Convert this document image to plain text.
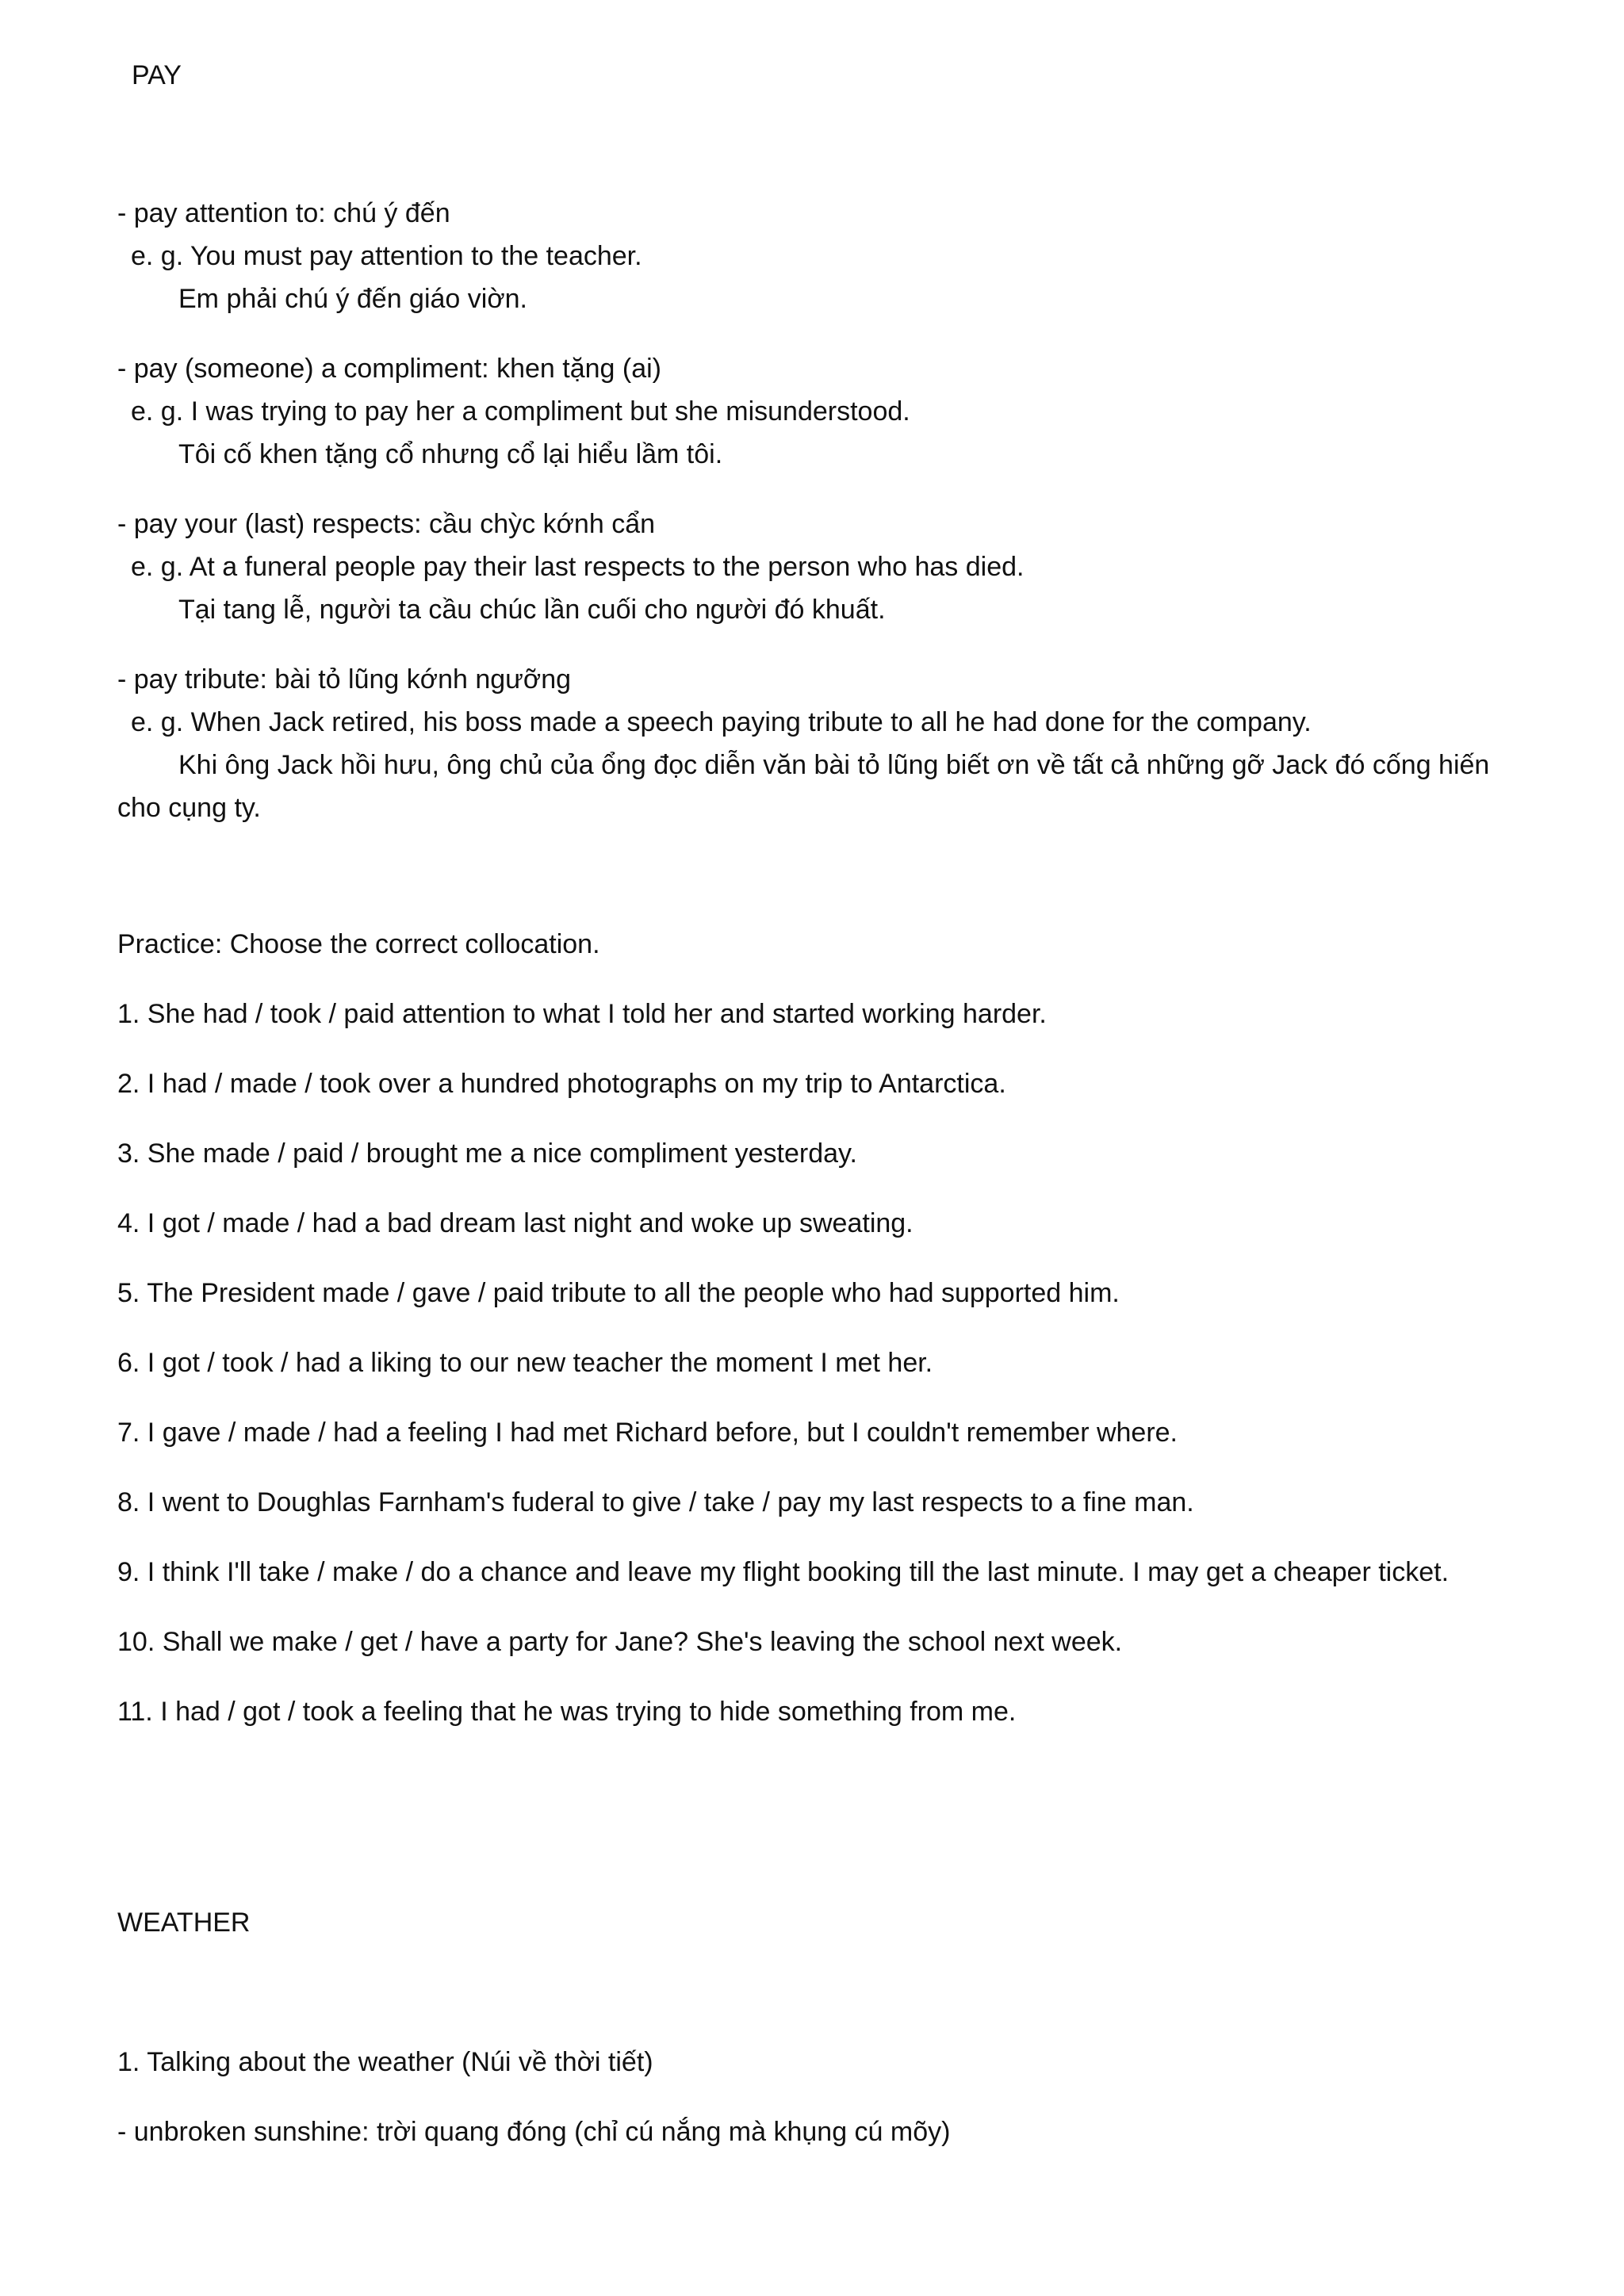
PAY

- pay attention to: chú ý đến

e. g. You must pay attention to the teacher.

Em phải chú ý đến giáo viờn.

- pay (someone) a compliment: khen tặng (ai)

e. g. I was trying to pay her a compliment but she misunderstood.

Tôi cố khen tặng cổ nhưng cổ lại hiểu lầm tôi.

- pay your (last) respects: cầu chỳc kớnh cẩn

e. g. At a funeral people pay their last respects to the person who has died.

Tại tang lễ, người ta cầu chúc lần cuối cho người đó khuất.

- pay tribute: bài tỏ lũng kớnh ngưỡng

e. g. When Jack retired, his boss made a speech paying tribute to all he had done for the company.

Khi ông Jack hồi hưu, ông chủ của ổng đọc diễn văn bài tỏ lũng biết ơn về tất cả những gỡ Jack đó cống hiến cho cụng ty.

Practice: Choose the correct collocation.

1. She had / took / paid attention to what I told her and started working harder.
2. I had / made / took over a hundred photographs on my trip to Antarctica.
3. She made / paid / brought me a nice compliment yesterday.
4. I got / made / had a bad dream last night and woke up sweating.
5. The President made / gave / paid tribute to all the people who had supported him.
6. I got / took / had a liking to our new teacher the moment I met her.
7. I gave / made / had a feeling I had met Richard before, but I couldn't remember where.
8. I went to Doughlas Farnham's fuderal to give / take / pay my last respects to a fine man.
9. I think I'll take / make / do a chance and leave my flight booking till the last minute. I may get a cheaper ticket.
10. Shall we make / get / have a party for Jane? She's leaving the school next week.
11. I had / got / took a feeling that he was trying to hide something from me.
WEATHER

1. Talking about the weather (Núi về thời tiết)

- unbroken sunshine: trời quang đóng (chỉ cú nắng mà khụng cú mõy)
